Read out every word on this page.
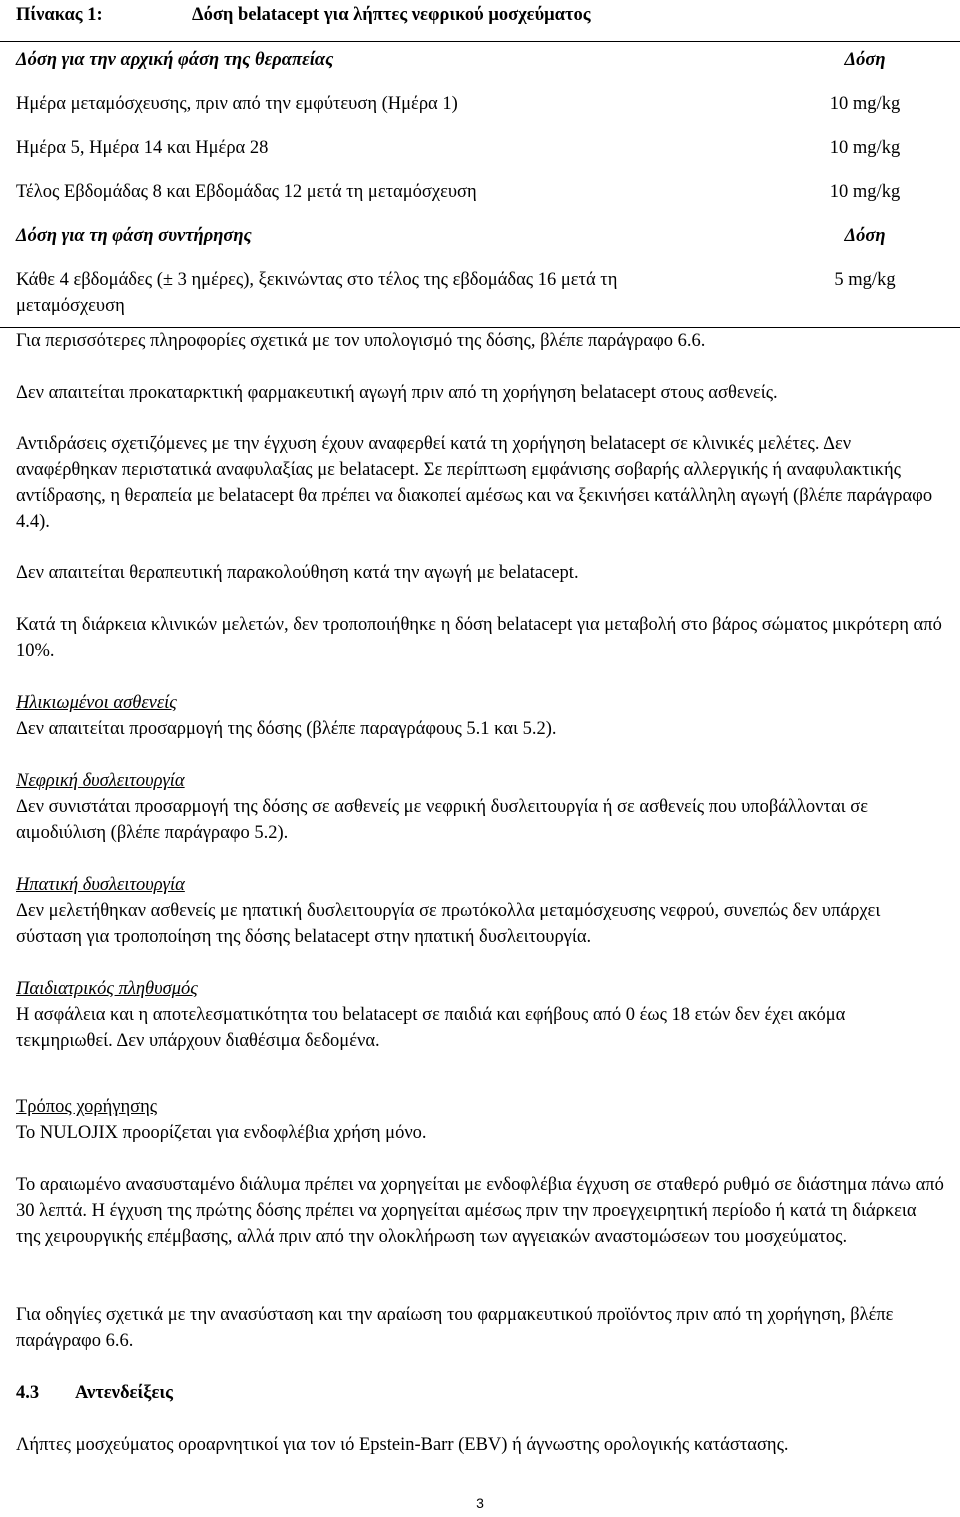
Πίνακας 1:	Δόση belatacept για λήπτες νεφρικού μοσχεύματος
Δόση για την αρχική φάση της θεραπείας	Δόση
Ημέρα μεταμόσχευσης, πριν από την εμφύτευση (Ημέρα 1)	10 mg/kg
Ημέρα 5, Ημέρα 14 και Ημέρα 28	10 mg/kg
Τέλος Εβδομάδας 8 και Εβδομάδας 12 μετά τη μεταμόσχευση	10 mg/kg
Δόση για τη φάση συντήρησης	Δόση
Κάθε 4 εβδομάδες (± 3 ημέρες), ξεκινώντας στο τέλος της εβδομάδας 16 μετά τη μεταμόσχευση	5 mg/kg

Για περισσότερες πληροφορίες σχετικά με τον υπολογισμό της δόσης, βλέπε παράγραφο 6.6.

Δεν απαιτείται προκαταρκτική φαρμακευτική αγωγή πριν από τη χορήγηση belatacept στους ασθενείς.

Αντιδράσεις σχετιζόμενες με την έγχυση έχουν αναφερθεί κατά τη χορήγηση belatacept σε κλινικές μελέτες. Δεν αναφέρθηκαν περιστατικά αναφυλαξίας με belatacept. Σε περίπτωση εμφάνισης σοβαρής αλλεργικής ή αναφυλακτικής αντίδρασης, η θεραπεία με belatacept θα πρέπει να διακοπεί αμέσως και να ξεκινήσει κατάλληλη αγωγή (βλέπε παράγραφο 4.4).

Δεν απαιτείται θεραπευτική παρακολούθηση κατά την αγωγή με belatacept.

Κατά τη διάρκεια κλινικών μελετών, δεν τροποποιήθηκε η δόση belatacept για μεταβολή στο βάρος σώματος μικρότερη από 10%.

Ηλικιωμένοι ασθενείς
Δεν απαιτείται προσαρμογή της δόσης (βλέπε παραγράφους 5.1 και 5.2).
Νεφρική δυσλειτουργία
Δεν συνιστάται προσαρμογή της δόσης σε ασθενείς με νεφρική δυσλειτουργία ή σε ασθενείς που υποβάλλονται σε αιμοδιύλιση (βλέπε παράγραφο 5.2).
Ηπατική δυσλειτουργία
Δεν μελετήθηκαν ασθενείς με ηπατική δυσλειτουργία σε πρωτόκολλα μεταμόσχευσης νεφρού, συνεπώς δεν υπάρχει σύσταση για τροποποίηση της δόσης belatacept στην ηπατική δυσλειτουργία.
Παιδιατρικός πληθυσμός
Η ασφάλεια και η αποτελεσματικότητα του belatacept σε παιδιά και εφήβους από 0 έως 18 ετών δεν έχει ακόμα τεκμηριωθεί. Δεν υπάρχουν διαθέσιμα δεδομένα.
Τρόπος χορήγησης
Το NULOJIX προορίζεται για ενδοφλέβια χρήση μόνο.

Το αραιωμένο ανασυσταμένο διάλυμα πρέπει να χορηγείται με ενδοφλέβια έγχυση σε σταθερό ρυθμό σε διάστημα πάνω από 30 λεπτά. Η έγχυση της πρώτης δόσης πρέπει να χορηγείται αμέσως πριν την προεγχειρητική περίοδο ή κατά τη διάρκεια της χειρουργικής επέμβασης, αλλά πριν από την ολοκλήρωση των αγγειακών αναστομώσεων του μοσχεύματος.

Για οδηγίες σχετικά με την ανασύσταση και την αραίωση του φαρμακευτικού προϊόντος πριν από τη χορήγηση, βλέπε παράγραφο 6.6.

4.3 Αντενδείξεις

Λήπτες μοσχεύματος οροαρνητικοί για τον ιό Epstein-Barr (EBV) ή άγνωστης ορολογικής κατάστασης.

3
